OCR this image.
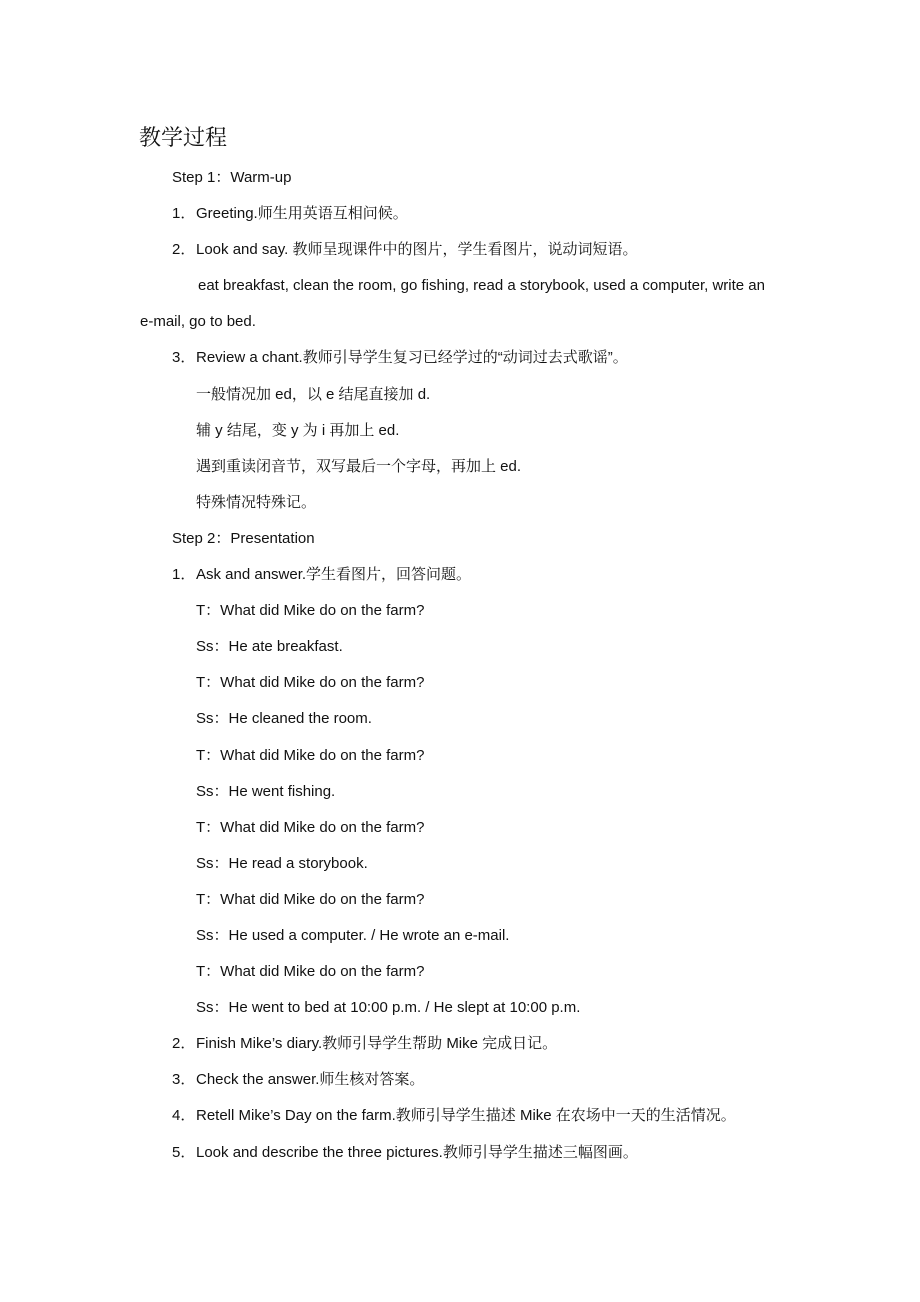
教学过程
Step 1：Warm-up
1．Greeting.师生用英语互相问候。
2．Look and say. 教师呈现课件中的图片，学生看图片，说动词短语。
eat breakfast, clean the room, go fishing, read a storybook, used a computer, write an
e-mail, go to bed.
3．Review a chant.教师引导学生复习已经学过的“动词过去式歌谣”。
一般情况加 ed，以 e 结尾直接加 d.
辅 y 结尾，变 y 为 i 再加上 ed.
遇到重读闭音节，双写最后一个字母，再加上 ed.
特殊情况特殊记。
Step 2：Presentation
1．Ask and answer.学生看图片，回答问题。
T：What did Mike do on the farm?
Ss：He ate breakfast.
T：What did Mike do on the farm?
Ss：He cleaned the room.
T：What did Mike do on the farm?
Ss：He went fishing.
T：What did Mike do on the farm?
Ss：He read a storybook.
T：What did Mike do on the farm?
Ss：He used a computer. / He wrote an e-mail.
T：What did Mike do on the farm?
Ss：He went to bed at 10:00 p.m. / He slept at 10:00 p.m.
2．Finish Mike’s diary.教师引导学生帮助 Mike 完成日记。
3．Check the answer.师生核对答案。
4．Retell Mike’s Day on the farm.教师引导学生描述 Mike 在农场中一天的生活情况。
5．Look and describe the three pictures.教师引导学生描述三幅图画。
